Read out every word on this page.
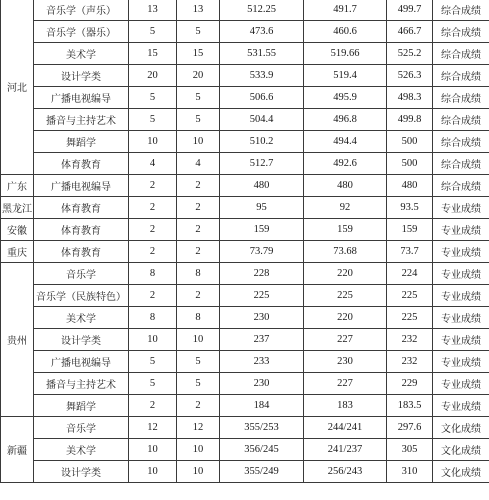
河北	音乐学（声乐）	13	13	512.25	491.7	499.7	综合成绩
	音乐学（器乐）	5	5	473.6	460.6	466.7	综合成绩
	美术学	15	15	531.55	519.66	525.2	综合成绩
	设计学类	20	20	533.9	519.4	526.3	综合成绩
	广播电视编导	5	5	506.6	495.9	498.3	综合成绩
	播音与主持艺术	5	5	504.4	496.8	499.8	综合成绩
	舞蹈学	10	10	510.2	494.4	500	综合成绩
	体育教育	4	4	512.7	492.6	500	综合成绩
广东	广播电视编导	2	2	480	480	480	综合成绩
黑龙江	体育教育	2	2	95	92	93.5	专业成绩
安徽	体育教育	2	2	159	159	159	专业成绩
重庆	体育教育	2	2	73.79	73.68	73.7	专业成绩
贵州	音乐学	8	8	228	220	224	专业成绩
	音乐学（民族特色）	2	2	225	225	225	专业成绩
	美术学	8	8	230	220	225	专业成绩
	设计学类	10	10	237	227	232	专业成绩
	广播电视编导	5	5	233	230	232	专业成绩
	播音与主持艺术	5	5	230	227	229	专业成绩
	舞蹈学	2	2	184	183	183.5	专业成绩
新疆	音乐学	12	12	355/253	244/241	297.6	文化成绩
	美术学	10	10	356/245	241/237	305	文化成绩
	设计学类	10	10	355/249	256/243	310	文化成绩
